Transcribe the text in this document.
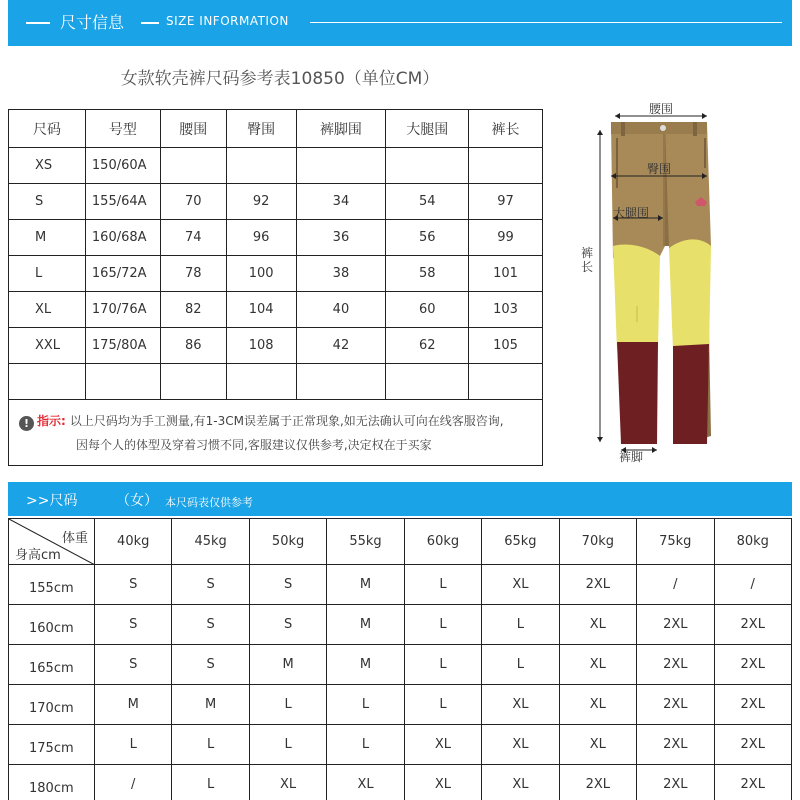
尺寸信息	SIZE INFORMATION
女款软壳裤尺码参考表10850（单位CM）
尺码	号型	腰围	臀围	裤脚围	大腿围	裤长
XS	150/60A					
S	155/64A	70	92	34	54	97
M	160/68A	74	96	36	56	99
L	165/72A	78	100	38	58	101
XL	170/76A	82	104	40	60	103
XXL	175/80A	86	108	42	62	105

! 指示: 以上尺码均为手工测量,有1-3CM误差属于正常现象,如无法确认可向在线客服咨询,
因每个人的体型及穿着习惯不同,客服建议仅供参考,决定权在于买家
腰围
臀围
大腿围
裤长
裤脚
>>尺码	（女） 本尺码表仅供参考
体重
身高cm	40kg	45kg	50kg	55kg	60kg	65kg	70kg	75kg	80kg
155cm	S	S	S	M	L	XL	2XL	/	/
160cm	S	S	S	M	L	L	XL	2XL	2XL
165cm	S	S	M	M	L	L	XL	2XL	2XL
170cm	M	M	L	L	L	XL	XL	2XL	2XL
175cm	L	L	L	L	XL	XL	XL	2XL	2XL
180cm	/	L	XL	XL	XL	XL	2XL	2XL	2XL
